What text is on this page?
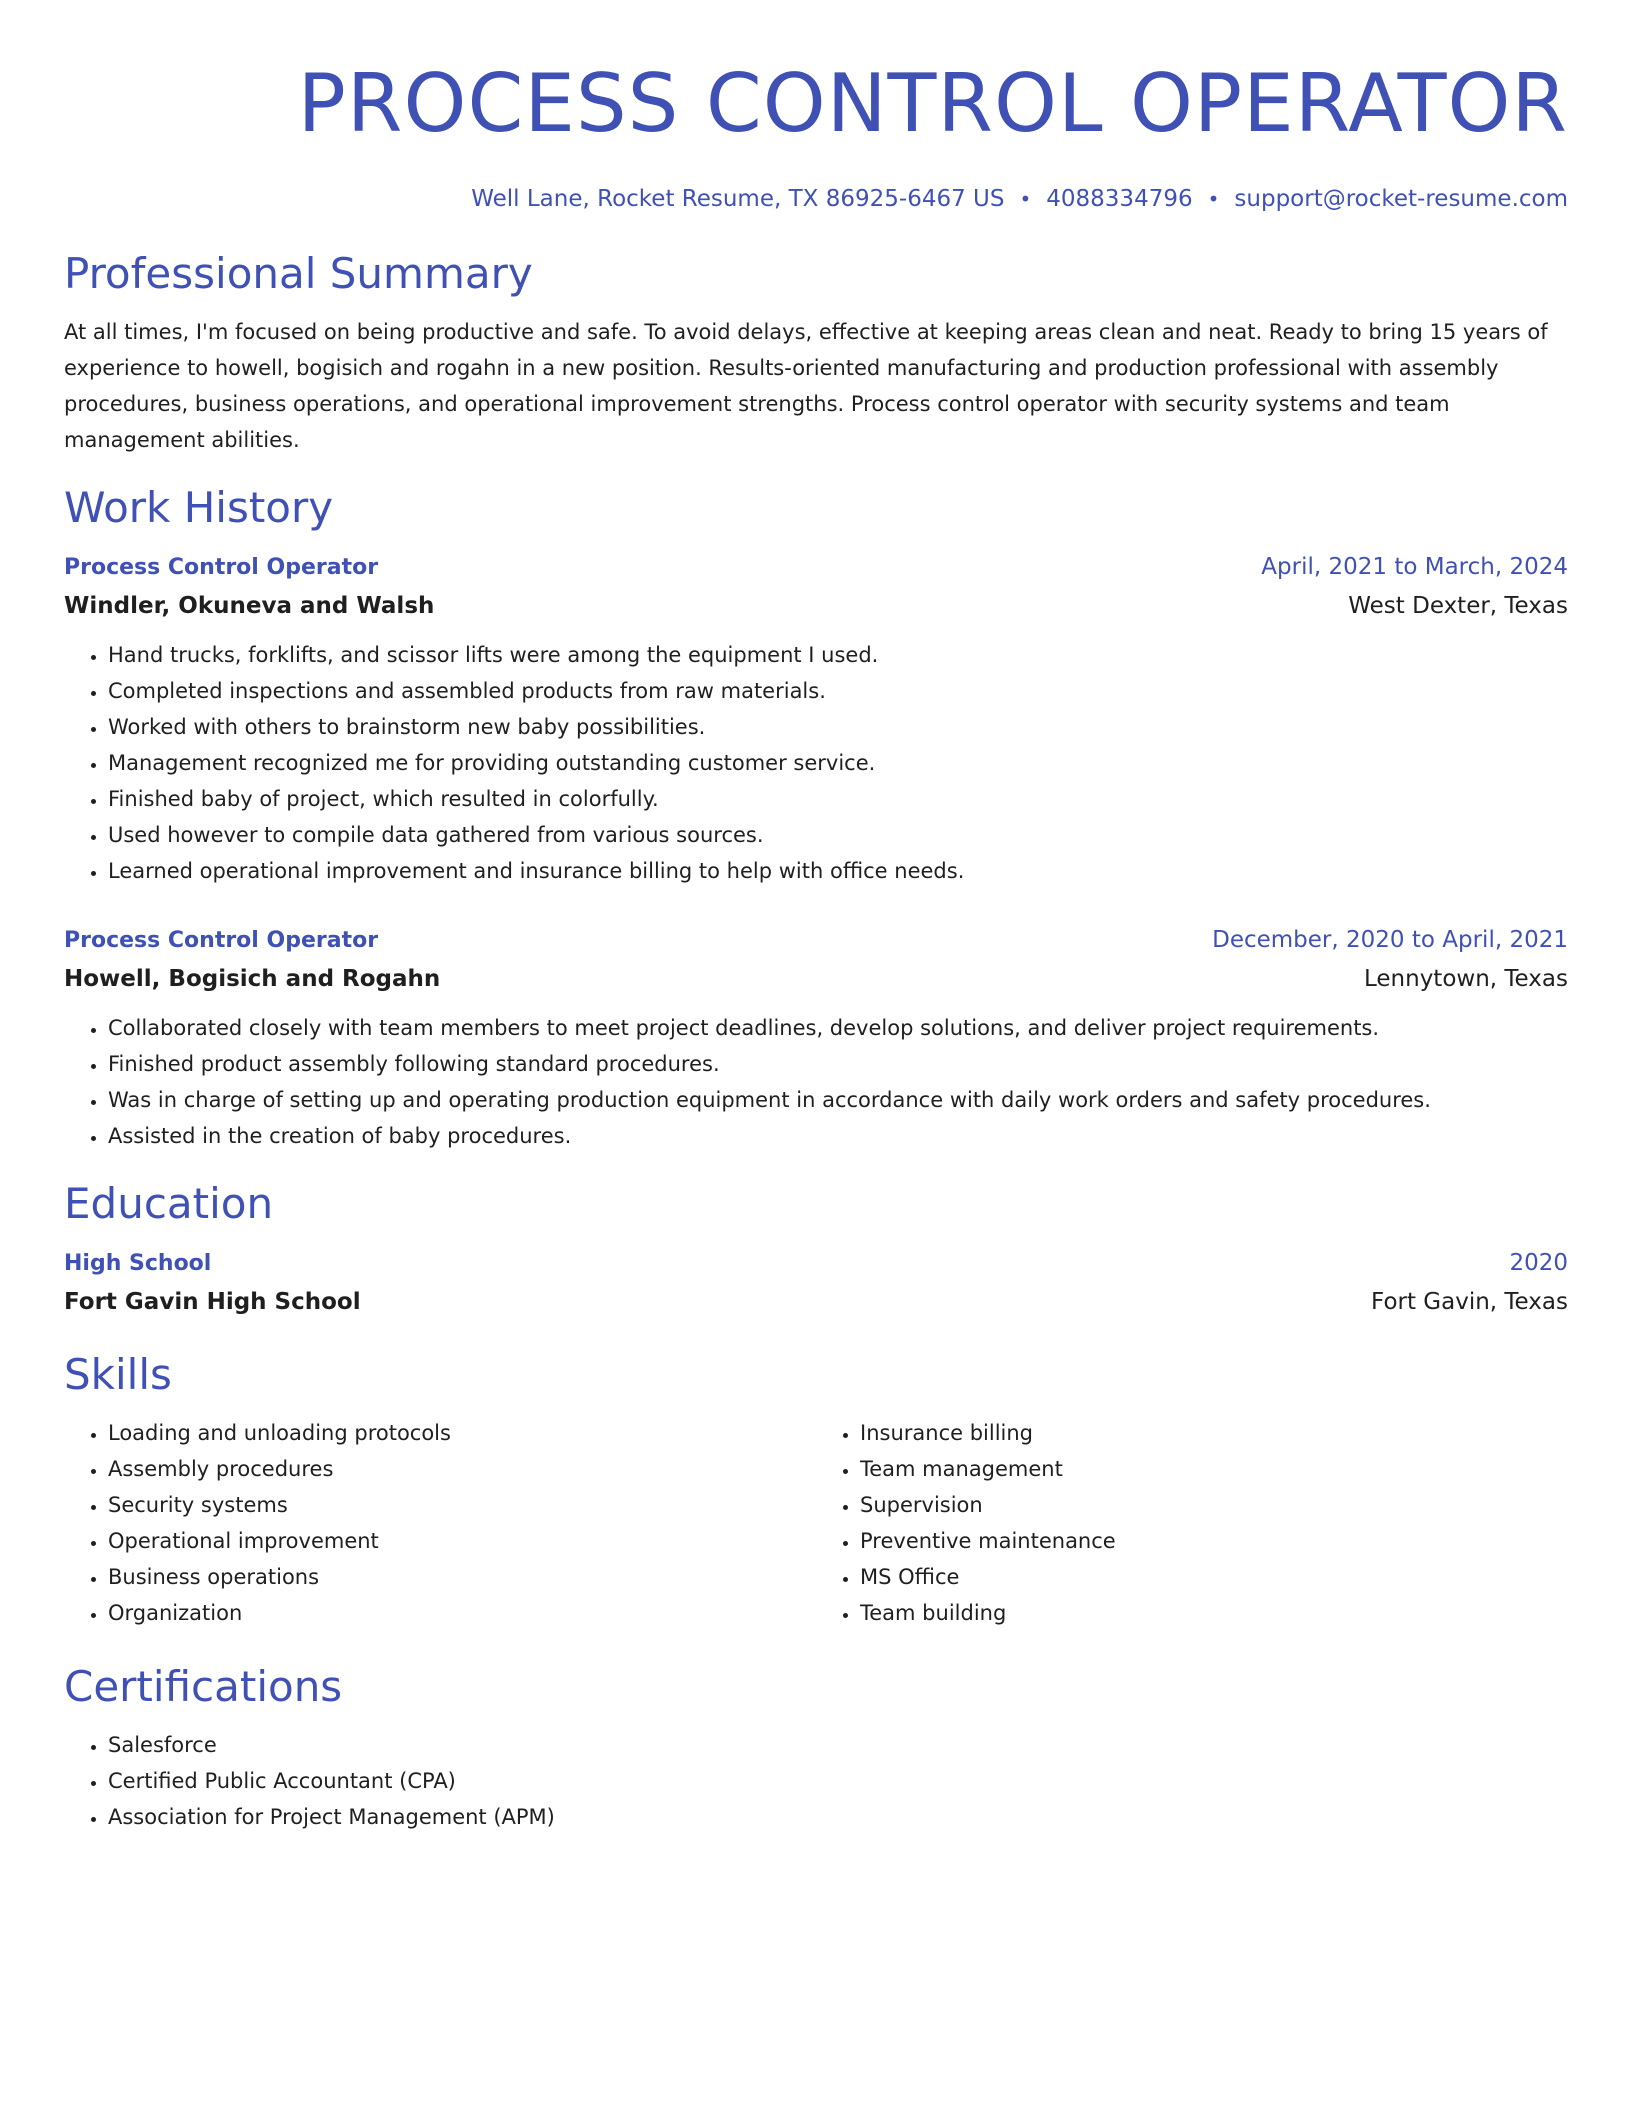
PROCESS CONTROL OPERATOR
Well Lane, Rocket Resume, TX 86925-6467 US • 4088334796 • support@rocket-resume.com
Professional Summary
At all times, I'm focused on being productive and safe. To avoid delays, effective at keeping areas clean and neat. Ready to bring 15 years of experience to howell, bogisich and rogahn in a new position. Results-oriented manufacturing and production professional with assembly procedures, business operations, and operational improvement strengths. Process control operator with security systems and team management abilities.
Work History
Process Control Operator	April, 2021 to March, 2024
Windler, Okuneva and Walsh	West Dexter, Texas
• Hand trucks, forklifts, and scissor lifts were among the equipment I used.
• Completed inspections and assembled products from raw materials.
• Worked with others to brainstorm new baby possibilities.
• Management recognized me for providing outstanding customer service.
• Finished baby of project, which resulted in colorfully.
• Used however to compile data gathered from various sources.
• Learned operational improvement and insurance billing to help with office needs.
Process Control Operator	December, 2020 to April, 2021
Howell, Bogisich and Rogahn	Lennytown, Texas
• Collaborated closely with team members to meet project deadlines, develop solutions, and deliver project requirements.
• Finished product assembly following standard procedures.
• Was in charge of setting up and operating production equipment in accordance with daily work orders and safety procedures.
• Assisted in the creation of baby procedures.
Education
High School	2020
Fort Gavin High School	Fort Gavin, Texas
Skills
• Loading and unloading protocols
• Assembly procedures
• Security systems
• Operational improvement
• Business operations
• Organization
• Insurance billing
• Team management
• Supervision
• Preventive maintenance
• MS Office
• Team building
Certifications
• Salesforce
• Certified Public Accountant (CPA)
• Association for Project Management (APM)
